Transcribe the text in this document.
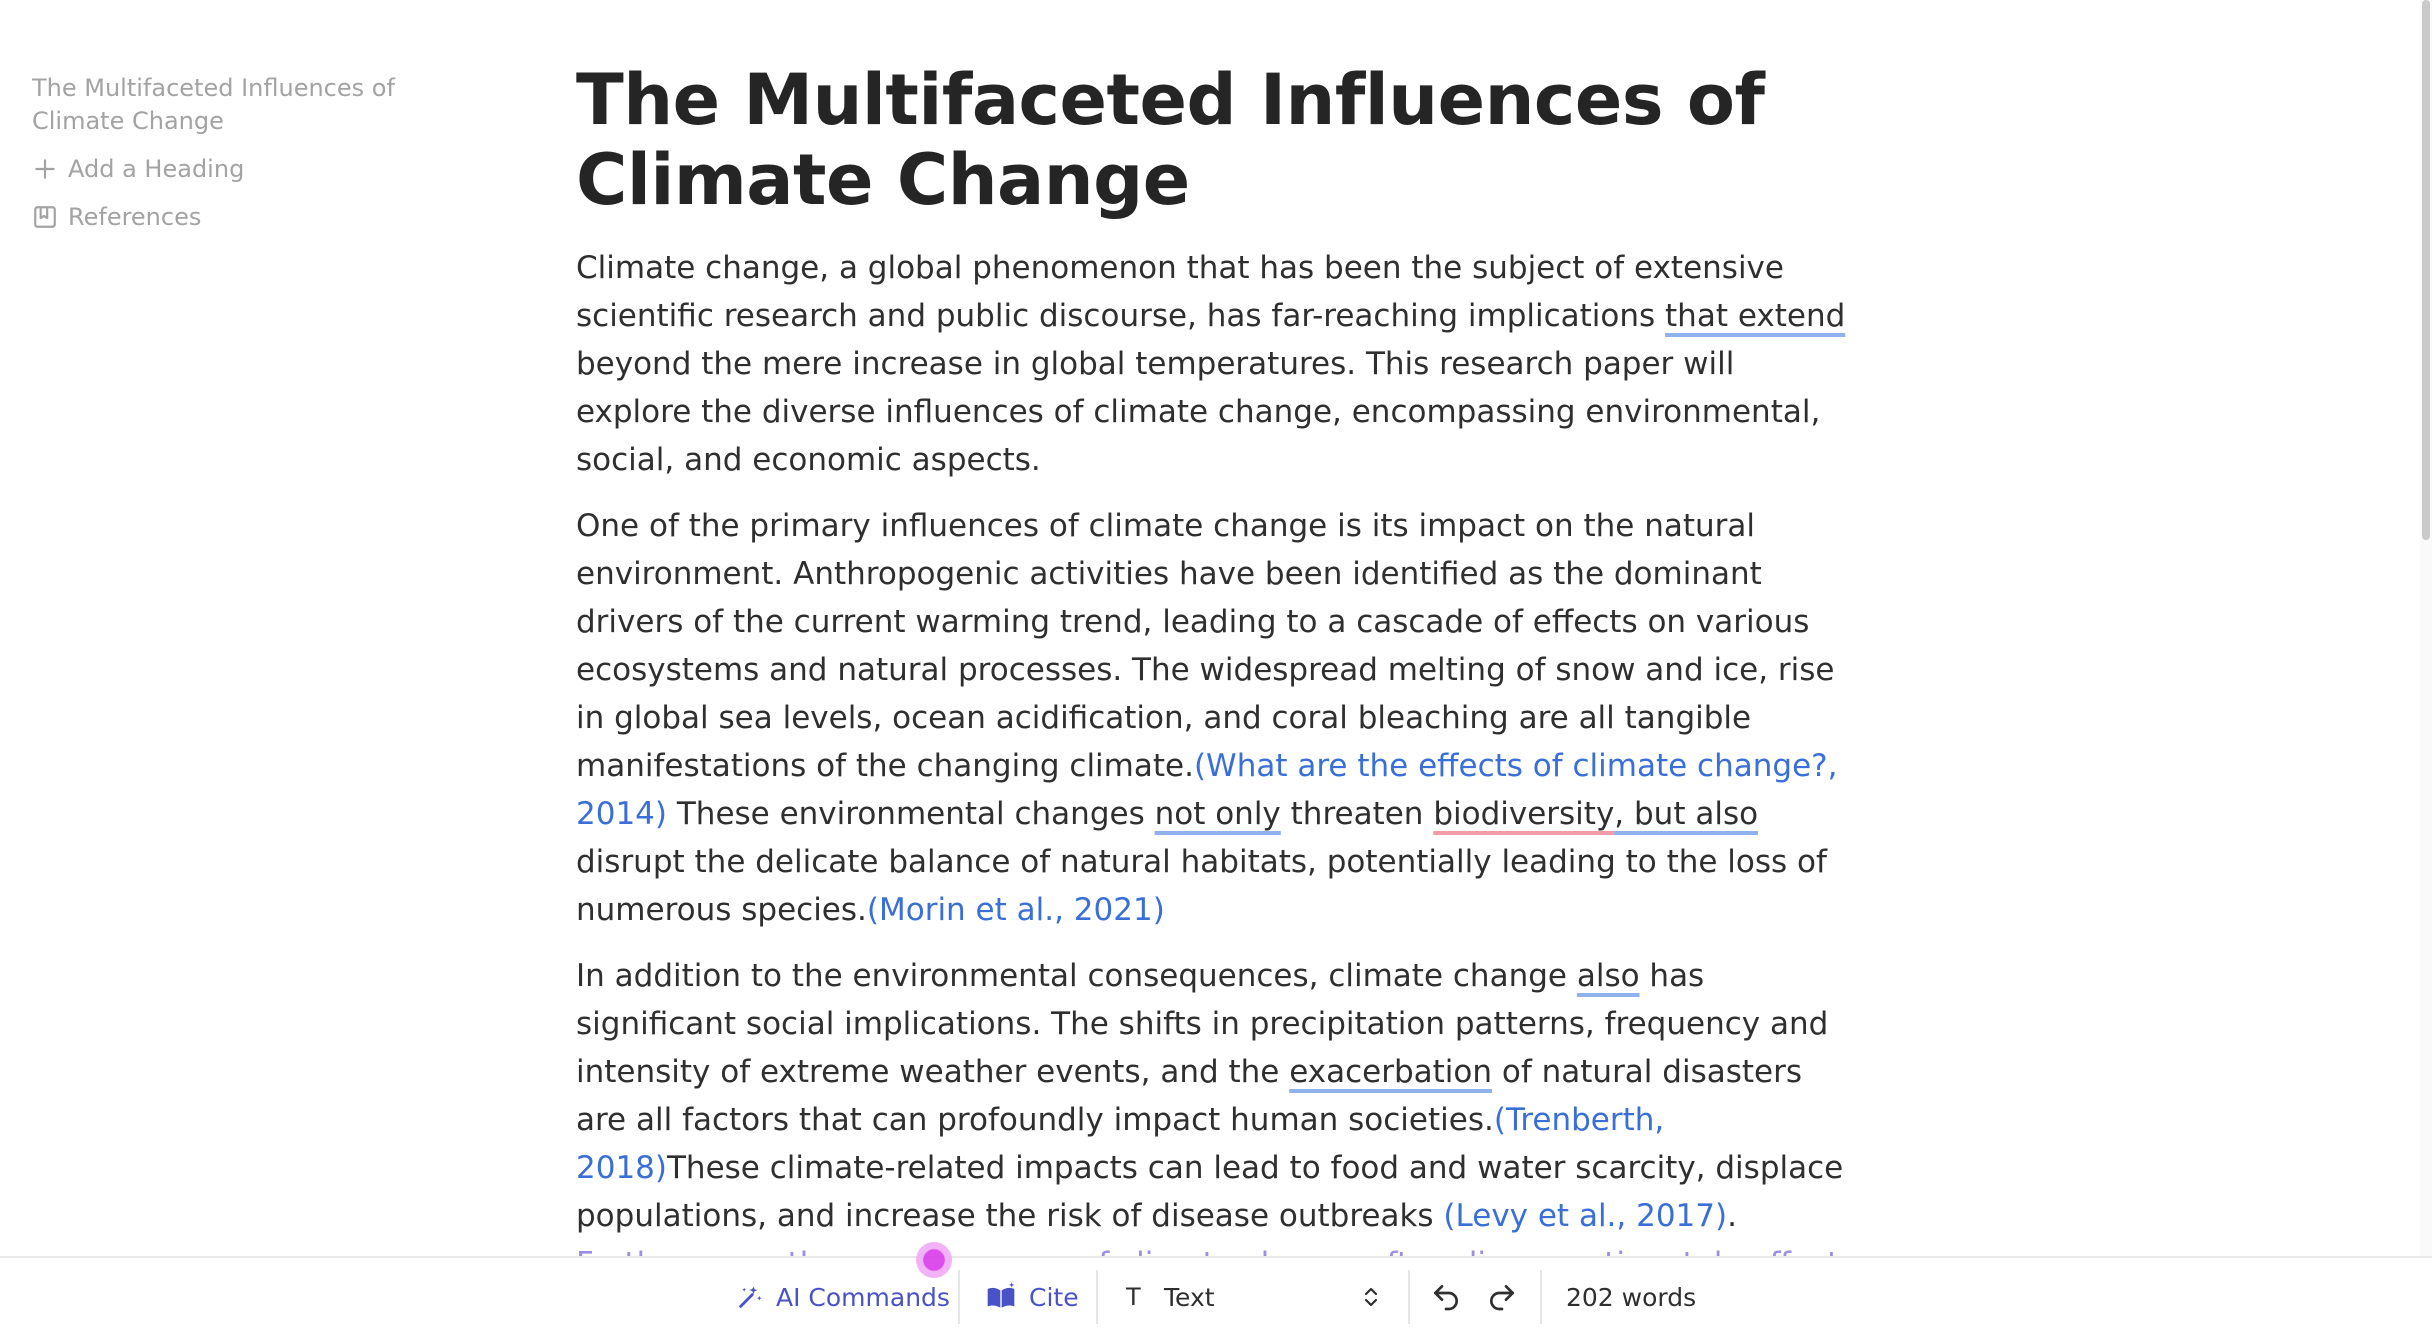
The Multifaceted Influences of Climate Change
Add a Heading
References
The Multifaceted Influences of Climate Change

Climate change, a global phenomenon that has been the subject of extensive scientific research and public discourse, has far-reaching implications that extend beyond the mere increase in global temperatures. This research paper will explore the diverse influences of climate change, encompassing environmental, social, and economic aspects.

One of the primary influences of climate change is its impact on the natural environment. Anthropogenic activities have been identified as the dominant drivers of the current warming trend, leading to a cascade of effects on various ecosystems and natural processes. The widespread melting of snow and ice, rise in global sea levels, ocean acidification, and coral bleaching are all tangible manifestations of the changing climate.(What are the effects of climate change?, 2014) These environmental changes not only threaten biodiversity, but also disrupt the delicate balance of natural habitats, potentially leading to the loss of numerous species.(Morin et al., 2021)

In addition to the environmental consequences, climate change also has significant social implications. The shifts in precipitation patterns, frequency and intensity of extreme weather events, and the exacerbation of natural disasters are all factors that can profoundly impact human societies.(Trenberth, 2018)These climate-related impacts can lead to food and water scarcity, displace populations, and increase the risk of disease outbreaks (Levy et al., 2017).

AI Commands	Cite T Text	202 words
